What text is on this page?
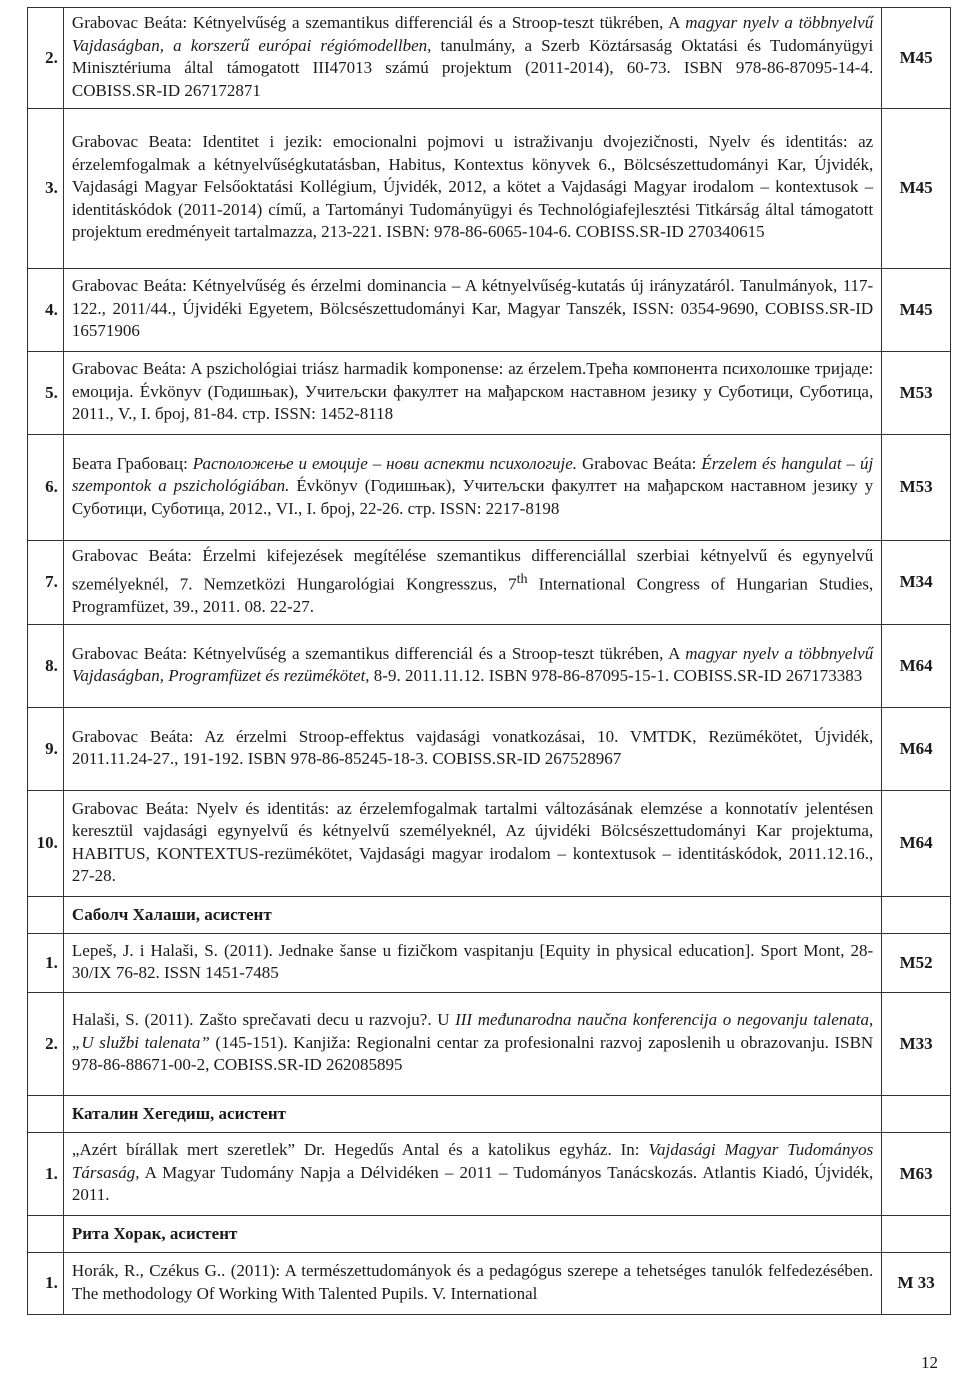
2.	Grabovac Beáta: Kétnyelvűség a szemantikus differenciál és a Stroop-teszt tükrében, A magyar nyelv a többnyelvű Vajdaságban, a korszerű európai régiómodellben, tanulmány, a Szerb Köztársaság Oktatási és Tudományügyi Minisztériuma által támogatott III47013 számú projektum (2011-2014), 60-73. ISBN 978-86-87095-14-4. COBISS.SR-ID 267172871	M45
3.	Grabovac Beata: Identitet i jezik: emocionalni pojmovi u istraživanju dvojezičnosti, Nyelv és identitás: az érzelemfogalmak a kétnyelvűségkutatásban, Habitus, Kontextus könyvek 6., Bölcsészettudományi Kar, Újvidék, Vajdasági Magyar Felsőoktatási Kollégium, Újvidék, 2012, a kötet a Vajdasági Magyar irodalom – kontextusok – identitáskódok (2011-2014) című, a Tartományi Tudományügyi és Technológiafejlesztési Titkárság által támogatott projektum eredményeit tartalmazza, 213-221. ISBN: 978-86-6065-104-6. COBISS.SR-ID 270340615	M45
4.	Grabovac Beáta: Kétnyelvűség és érzelmi dominancia – A kétnyelvűség-kutatás új irányzatáról. Tanulmányok, 117-122., 2011/44., Újvidéki Egyetem, Bölcsészettudományi Kar, Magyar Tanszék, ISSN: 0354-9690, COBISS.SR-ID 16571906	M45
5.	Grabovac Beáta: A pszichológiai triász harmadik komponense: az érzelem.Трећа компонента психолошке тријаде: емоција. Évkönyv (Годишњак), Учитељски факултет на мађарском наставном језику у Суботици, Суботица, 2011., V., I. број, 81-84. стр. ISSN: 1452-8118	M53
6.	Беата Грабовац: Расположење и емоције – нови аспекти психологије. Grabovac Beáta: Érzelem és hangulat – új szempontok a pszichológiában. Évkönyv (Годишњак), Учитељски факултет на мађарском наставном језику у Суботици, Суботица, 2012., VI., I. број, 22-26. стр. ISSN: 2217-8198	M53
7.	Grabovac Beáta: Érzelmi kifejezések megítélése szemantikus differenciállal szerbiai kétnyelvű és egynyelvű személyeknél, 7. Nemzetközi Hungarológiai Kongresszus, 7th International Congress of Hungarian Studies, Programfüzet, 39., 2011. 08. 22-27.	M34
8.	Grabovac Beáta: Kétnyelvűség a szemantikus differenciál és a Stroop-teszt tükrében, A magyar nyelv a többnyelvű Vajdaságban, Programfüzet és rezümékötet, 8-9. 2011.11.12. ISBN 978-86-87095-15-1. COBISS.SR-ID 267173383	M64
9.	Grabovac Beáta: Az érzelmi Stroop-effektus vajdasági vonatkozásai, 10. VMTDK, Rezümékötet, Újvidék, 2011.11.24-27., 191-192. ISBN 978-86-85245-18-3. COBISS.SR-ID 267528967	M64
10.	Grabovac Beáta: Nyelv és identitás: az érzelemfogalmak tartalmi változásának elemzése a konnotatív jelentésen keresztül vajdasági egynyelvű és kétnyelvű személyeknél, Az újvidéki Bölcsészettudományi Kar projektuma, HABITUS, KONTEXTUS-rezümékötet, Vajdasági magyar irodalom – kontextusok – identitáskódok, 2011.12.16., 27-28.	M64
	Саболч Халаши, асистент	
1.	Lepeš, J. i Halaši, S. (2011). Jednake šanse u fizičkom vaspitanju [Equity in physical education]. Sport Mont, 28-30/IX 76-82. ISSN 1451-7485	M52
2.	Halaši, S. (2011). Zašto sprečavati decu u razvoju?. U III međunarodna naučna konferencija o negovanju talenata, „U službi talenata” (145-151). Kanjiža: Regionalni centar za profesionalni razvoj zaposlenih u obrazovanju. ISBN 978-86-88671-00-2, COBISS.SR-ID 262085895	M33
	Каталин Хегедиш, асистент	
1.	„Azért bírállak mert szeretlek” Dr. Hegedűs Antal és a katolikus egyház. In: Vajdasági Magyar Tudományos Társaság, A Magyar Tudomány Napja a Délvidéken – 2011 – Tudományos Tanácskozás. Atlantis Kiadó, Újvidék, 2011.	M63
	Рита Хорак, асистент	
1.	Horák, R., Czékus G.. (2011): A természettudományok és a pedagógus szerepe a tehetséges tanulók felfedezésében. The methodology Of Working With Talented Pupils. V. International	M 33
12
